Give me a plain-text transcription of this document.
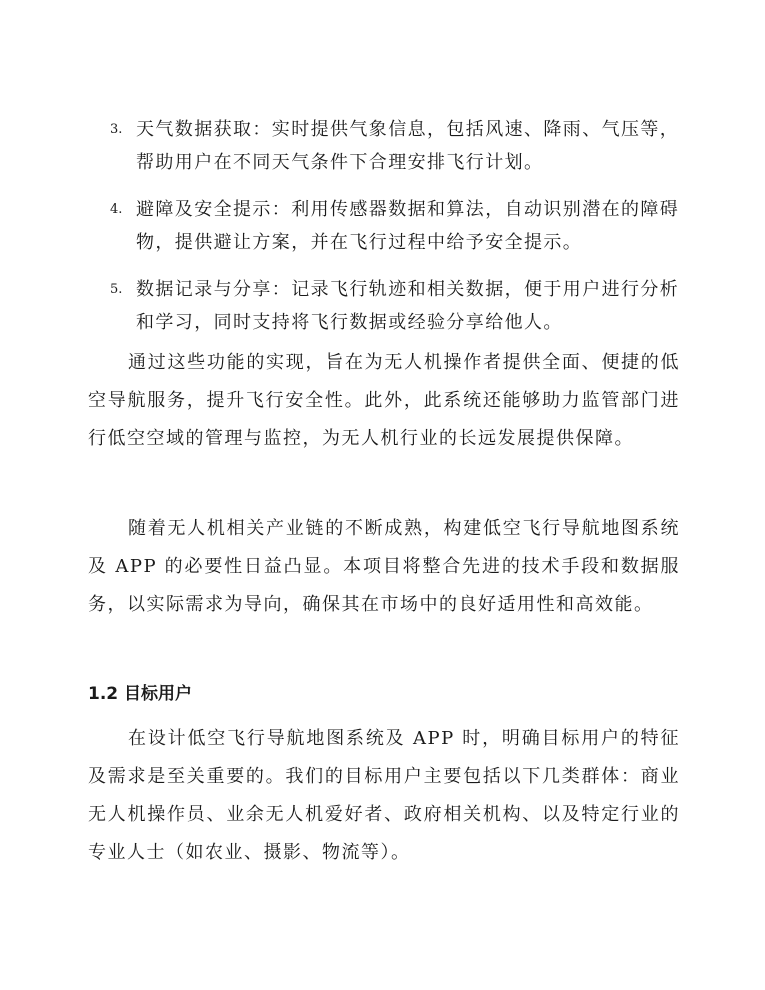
3. 天气数据获取：实时提供气象信息，包括风速、降雨、气压等，帮助用户在不同天气条件下合理安排飞行计划。
4. 避障及安全提示：利用传感器数据和算法，自动识别潜在的障碍物，提供避让方案，并在飞行过程中给予安全提示。
5. 数据记录与分享：记录飞行轨迹和相关数据，便于用户进行分析和学习，同时支持将飞行数据或经验分享给他人。

通过这些功能的实现，旨在为无人机操作者提供全面、便捷的低空导航服务，提升飞行安全性。此外，此系统还能够助力监管部门进行低空空域的管理与监控，为无人机行业的长远发展提供保障。

随着无人机相关产业链的不断成熟，构建低空飞行导航地图系统及 APP 的必要性日益凸显。本项目将整合先进的技术手段和数据服务，以实际需求为导向，确保其在市场中的良好适用性和高效能。

1.2 目标用户

在设计低空飞行导航地图系统及 APP 时，明确目标用户的特征及需求是至关重要的。我们的目标用户主要包括以下几类群体：商业无人机操作员、业余无人机爱好者、政府相关机构、以及特定行业的专业人士（如农业、摄影、物流等）。
